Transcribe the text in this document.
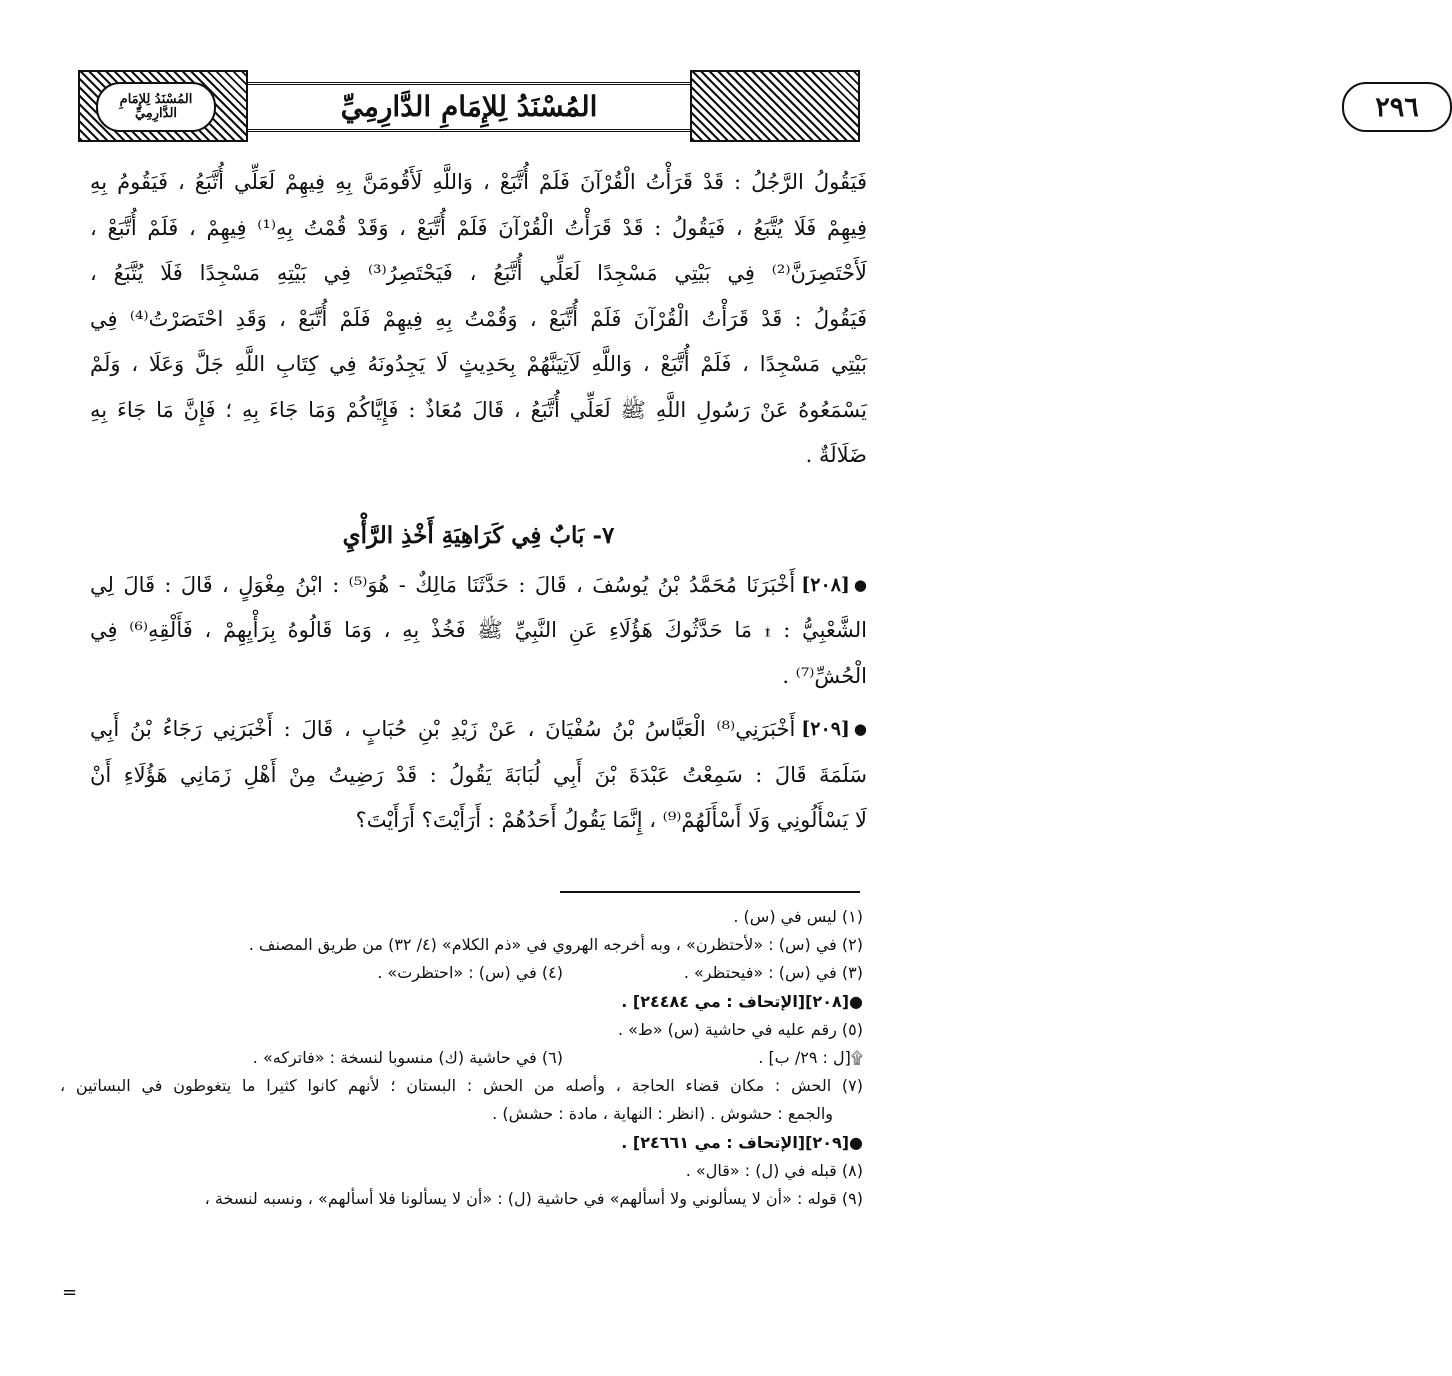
المُسْنَدُ لِلإِمَامِ الدَّارِمِيِّ	٢٩٦
المُسْنَدُ لِلإِمَامِ الدَّارِمِيِّ
فَيَقُولُ الرَّجُلُ : قَدْ قَرَأْتُ الْقُرْآنَ فَلَمْ أُتَّبَعْ ، وَاللَّهِ لَأَقُومَنَّ بِهِ فِيهِمْ لَعَلِّي أُتَّبَعُ ، فَيَقُومُ بِهِ
فِيهِمْ فَلَا يُتَّبَعُ ، فَيَقُولُ : قَدْ قَرَأْتُ الْقُرْآنَ فَلَمْ أُتَّبَعْ ، وَقَدْ قُمْتُ بِهِ⁽¹⁾ فِيهِمْ ، فَلَمْ أُتَّبَعْ ،
لَأَحْتَصِرَنَّ⁽²⁾ فِي بَيْتِي مَسْجِدًا لَعَلِّي أُتَّبَعُ ، فَيَحْتَصِرُ⁽³⁾ فِي بَيْتِهِ مَسْجِدًا فَلَا يُتَّبَعُ ،
فَيَقُولُ : قَدْ قَرَأْتُ الْقُرْآنَ فَلَمْ أُتَّبَعْ ، وَقُمْتُ بِهِ فِيهِمْ فَلَمْ أُتَّبَعْ ، وَقَدِ احْتَصَرْتُ⁽⁴⁾ فِي
بَيْتِي مَسْجِدًا ، فَلَمْ أُتَّبَعْ ، وَاللَّهِ لَآتِيَنَّهُمْ بِحَدِيثٍ لَا يَجِدُونَهُ فِي كِتَابِ اللَّهِ جَلَّ وَعَلَا ، وَلَمْ
يَسْمَعُوهُ عَنْ رَسُولِ اللَّهِ ﷺ لَعَلِّي أُتَّبَعُ ، قَالَ مُعَاذٌ : فَإِيَّاكُمْ وَمَا جَاءَ بِهِ ؛ فَإِنَّ مَا جَاءَ بِهِ
ضَلَالَةٌ .
٧- بَابٌ فِي كَرَاهِيَةِ أَخْذِ الرَّأْيِ
●
[٢٠٨]
أَخْبَرَنَا مُحَمَّدُ بْنُ يُوسُفَ ، قَالَ : حَدَّثَنَا مَالِكٌ - هُوَ⁽⁵⁾ : ابْنُ مِغْوَلٍ ، قَالَ : قَالَ لِي
الشَّعْبِيُّ : ۩ مَا حَدَّثُوكَ هَؤُلَاءِ عَنِ النَّبِيِّ ﷺ فَخُذْ بِهِ ، وَمَا قَالُوهُ بِرَأْيِهِمْ ، فَأَلْقِهِ⁽⁶⁾ فِي
الْحُشِّ⁽⁷⁾ .
●
[٢٠٩]
أَخْبَرَنِي⁽⁸⁾ الْعَبَّاسُ بْنُ سُفْيَانَ ، عَنْ زَيْدِ بْنِ حُبَابٍ ، قَالَ : أَخْبَرَنِي رَجَاءُ بْنُ أَبِي
سَلَمَةَ قَالَ : سَمِعْتُ عَبْدَةَ بْنَ أَبِي لُبَابَةَ يَقُولُ : قَدْ رَضِيتُ مِنْ أَهْلِ زَمَانِي هَؤُلَاءِ أَنْ
لَا يَسْأَلُونِي وَلَا أَسْأَلَهُمْ⁽⁹⁾ ، إِنَّمَا يَقُولُ أَحَدُهُمْ : أَرَأَيْتَ؟ أَرَأَيْتَ؟
(١) ليس في (س) .
(٢) في (س) : «لأحتظرن» ، وبه أخرجه الهروي في «ذم الكلام» (٤/ ٣٢) من طريق المصنف .
(٣) في (س) : «فيحتظر» .
(٤) في (س) : «احتظرت» .
●[٢٠٨][الإتحاف : مي ٢٤٤٨٤] .
(٥) رقم عليه في حاشية (س) «ط» .
۩[ل : ٢٩/ ب] .
(٦) في حاشية (ك) منسوبا لنسخة : «فاتركه» .
(٧) الحش : مكان قضاء الحاجة ، وأصله من الحش : البستان ؛ لأنهم كانوا كثيرا ما يتغوطون في البساتين ،
والجمع : حشوش . (انظر : النهاية ، مادة : حشش) .
●[٢٠٩][الإتحاف : مي ٢٤٦٦١] .
(٨) قبله في (ل) : «قال» .
(٩) قوله : «أن لا يسألوني ولا أسألهم» في حاشية (ل) : «أن لا يسألونا فلا أسألهم» ، ونسبه لنسخة ،
=
